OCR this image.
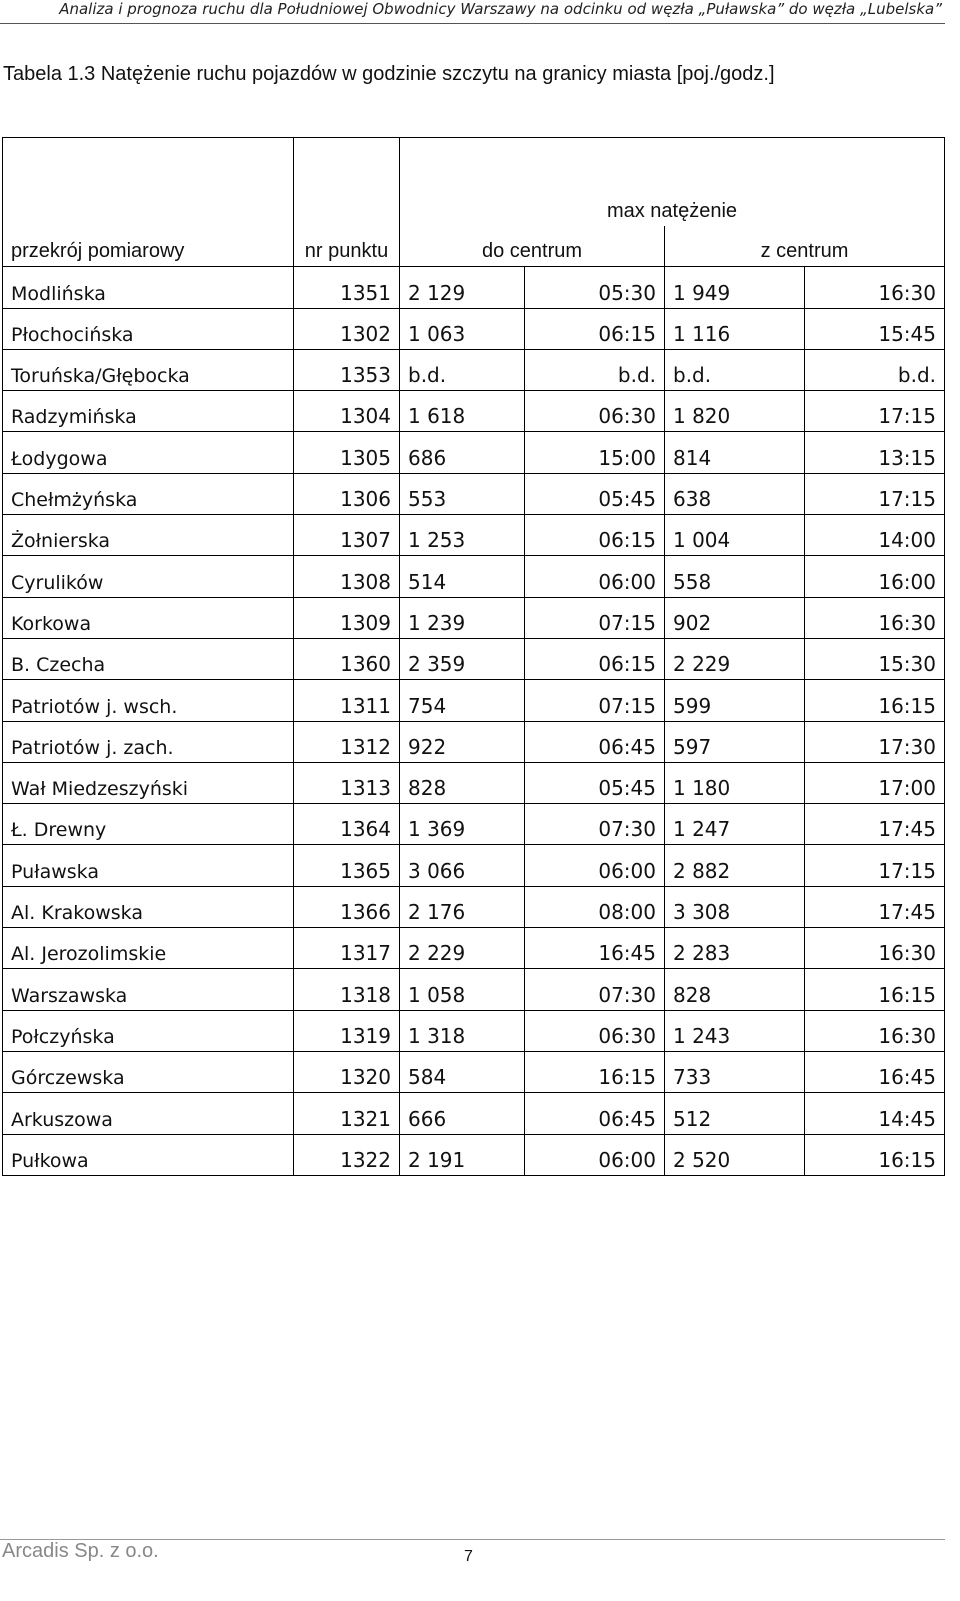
Analiza i prognoza ruchu dla Południowej Obwodnicy Warszawy na odcinku od węzła „Puławska” do węzła „Lubelska”
Tabela 1.3 Natężenie ruchu pojazdów w godzinie szczytu na granicy miasta [poj./godz.]
		max natężenie			
przekrój pomiarowy	nr punktu	do centrum		z centrum	
Modlińska	1351	2 129	05:30	1 949	16:30
Płochocińska	1302	1 063	06:15	1 116	15:45
Toruńska/Głębocka	1353	b.d.	b.d.	b.d.	b.d.
Radzymińska	1304	1 618	06:30	1 820	17:15
Łodygowa	1305	686	15:00	814	13:15
Chełmżyńska	1306	553	05:45	638	17:15
Żołnierska	1307	1 253	06:15	1 004	14:00
Cyrulików	1308	514	06:00	558	16:00
Korkowa	1309	1 239	07:15	902	16:30
B. Czecha	1360	2 359	06:15	2 229	15:30
Patriotów j. wsch.	1311	754	07:15	599	16:15
Patriotów j. zach.	1312	922	06:45	597	17:30
Wał Miedzeszyński	1313	828	05:45	1 180	17:00
Ł. Drewny	1364	1 369	07:30	1 247	17:45
Puławska	1365	3 066	06:00	2 882	17:15
Al. Krakowska	1366	2 176	08:00	3 308	17:45
Al. Jerozolimskie	1317	2 229	16:45	2 283	16:30
Warszawska	1318	1 058	07:30	828	16:15
Połczyńska	1319	1 318	06:30	1 243	16:30
Górczewska	1320	584	16:15	733	16:45
Arkuszowa	1321	666	06:45	512	14:45
Pułkowa	1322	2 191	06:00	2 520	16:15
Arcadis Sp. z o.o.	7
